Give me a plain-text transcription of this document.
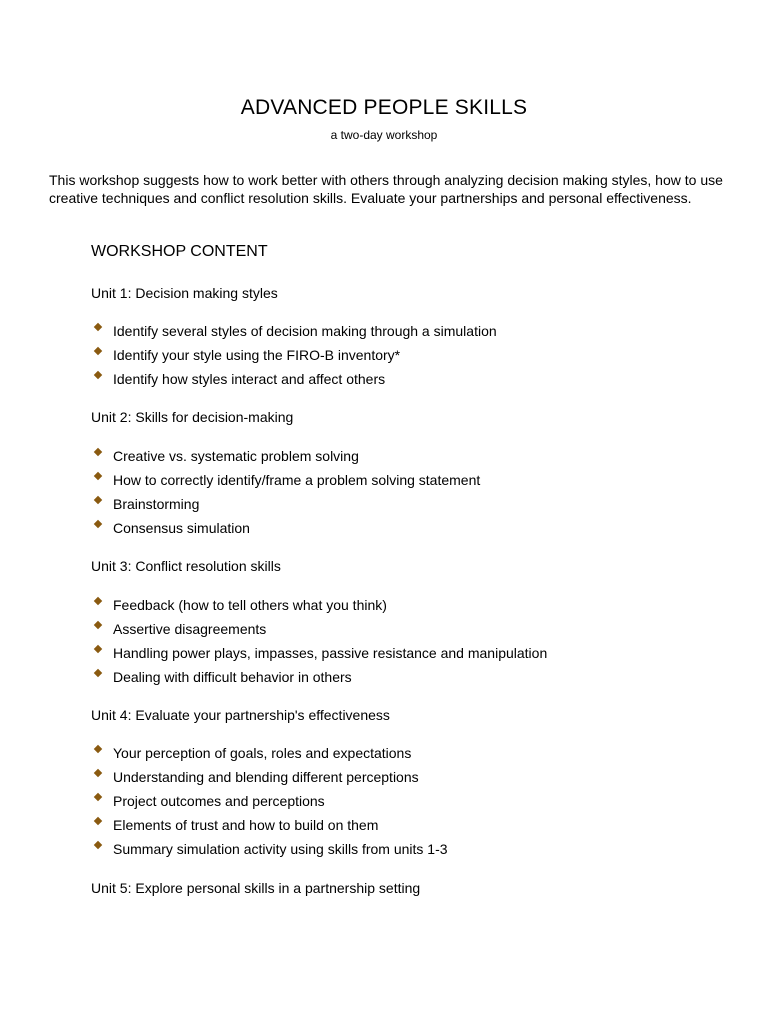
ADVANCED PEOPLE SKILLS
a two-day workshop
This workshop suggests how to work better with others through analyzing decision making styles, how to use creative techniques and conflict resolution skills. Evaluate your partnerships and personal effectiveness.
WORKSHOP CONTENT
Unit 1: Decision making styles
Identify several styles of decision making through a simulation
Identify your style using the FIRO-B inventory*
Identify how styles interact and affect others
Unit 2: Skills for decision-making
Creative vs. systematic problem solving
How to correctly identify/frame a problem solving statement
Brainstorming
Consensus simulation
Unit 3: Conflict resolution skills
Feedback (how to tell others what you think)
Assertive disagreements
Handling power plays, impasses, passive resistance and manipulation
Dealing with difficult behavior in others
Unit 4: Evaluate your partnership's effectiveness
Your perception of goals, roles and expectations
Understanding and blending different perceptions
Project outcomes and perceptions
Elements of trust and how to build on them
Summary simulation activity using skills from units 1-3
Unit 5: Explore personal skills in a partnership setting
